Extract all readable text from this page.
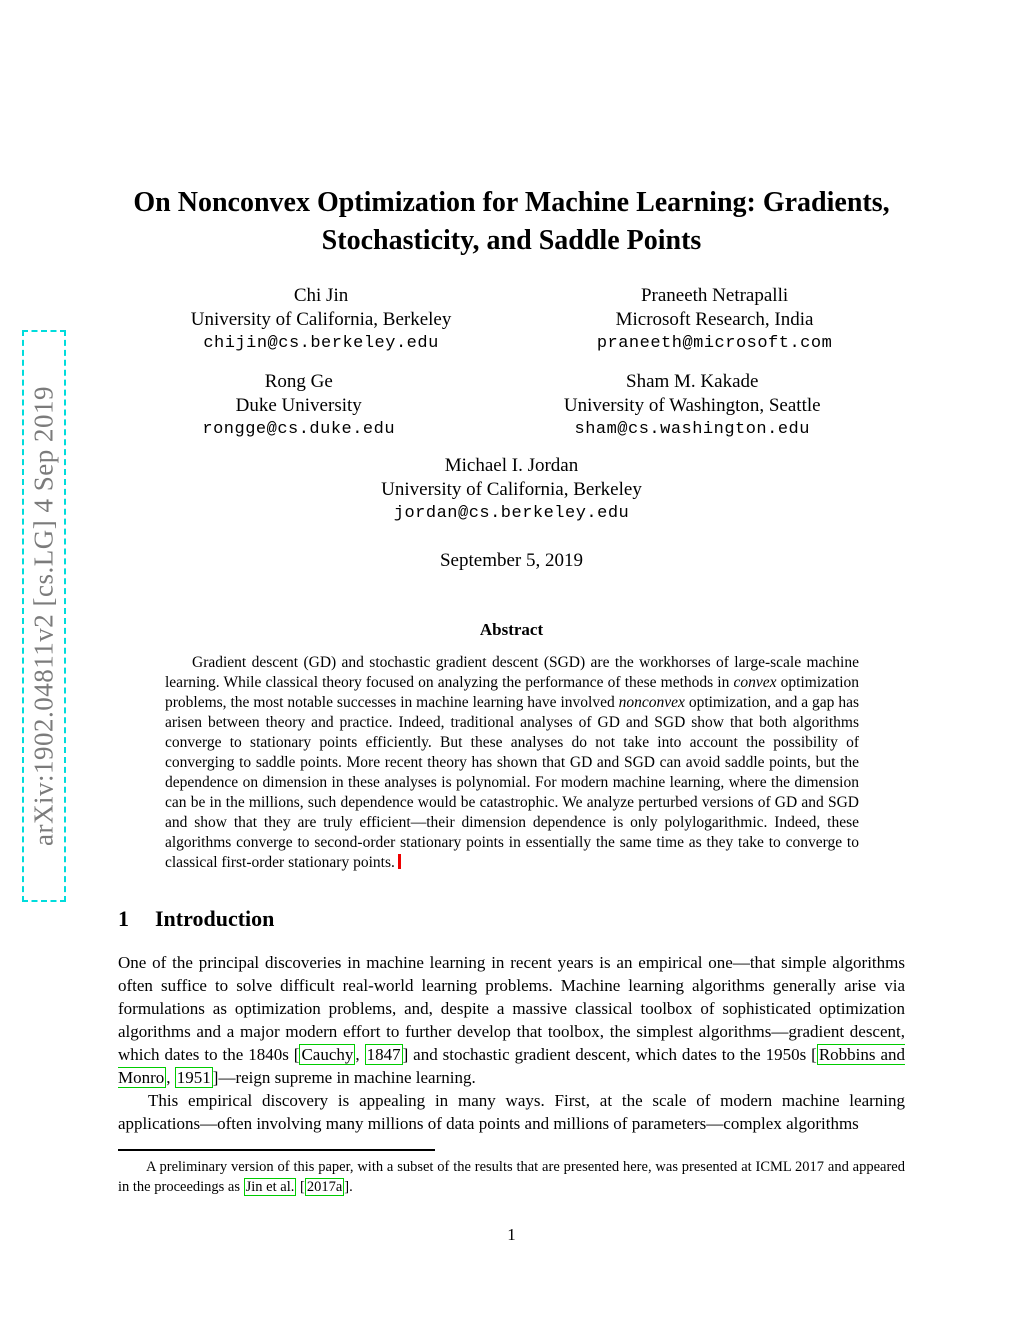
arXiv:1902.04811v2 [cs.LG] 4 Sep 2019
On Nonconvex Optimization for Machine Learning: Gradients,
Stochasticity, and Saddle Points
Chi Jin
University of California, Berkeley
chijin@cs.berkeley.edu
Praneeth Netrapalli
Microsoft Research, India
praneeth@microsoft.com
Rong Ge
Duke University
rongge@cs.duke.edu
Sham M. Kakade
University of Washington, Seattle
sham@cs.washington.edu
Michael I. Jordan
University of California, Berkeley
jordan@cs.berkeley.edu
September 5, 2019
Abstract
Gradient descent (GD) and stochastic gradient descent (SGD) are the workhorses of large-scale machine learning. While classical theory focused on analyzing the performance of these methods in convex optimization problems, the most notable successes in machine learning have involved nonconvex optimization, and a gap has arisen between theory and practice. Indeed, traditional analyses of GD and SGD show that both algorithms converge to stationary points efficiently. But these analyses do not take into account the possibility of converging to saddle points. More recent theory has shown that GD and SGD can avoid saddle points, but the dependence on dimension in these analyses is polynomial. For modern machine learning, where the dimension can be in the millions, such dependence would be catastrophic. We analyze perturbed versions of GD and SGD and show that they are truly efficient—their dimension dependence is only polylogarithmic. Indeed, these algorithms converge to second-order stationary points in essentially the same time as they take to converge to classical first-order stationary points.
1 Introduction
One of the principal discoveries in machine learning in recent years is an empirical one—that simple algorithms often suffice to solve difficult real-world learning problems. Machine learning algorithms generally arise via formulations as optimization problems, and, despite a massive classical toolbox of sophisticated optimization algorithms and a major modern effort to further develop that toolbox, the simplest algorithms—gradient descent, which dates to the 1840s [ Cauchy , 1847 ] and stochastic gradient descent, which dates to the 1950s [ Robbins and Monro , 1951 ]—reign supreme in machine learning.
This empirical discovery is appealing in many ways. First, at the scale of modern machine learning applications—often involving many millions of data points and millions of parameters—complex algorithms
A preliminary version of this paper, with a subset of the results that are presented here, was presented at ICML 2017 and appeared in the proceedings as Jin et al. [ 2017a ].
1
